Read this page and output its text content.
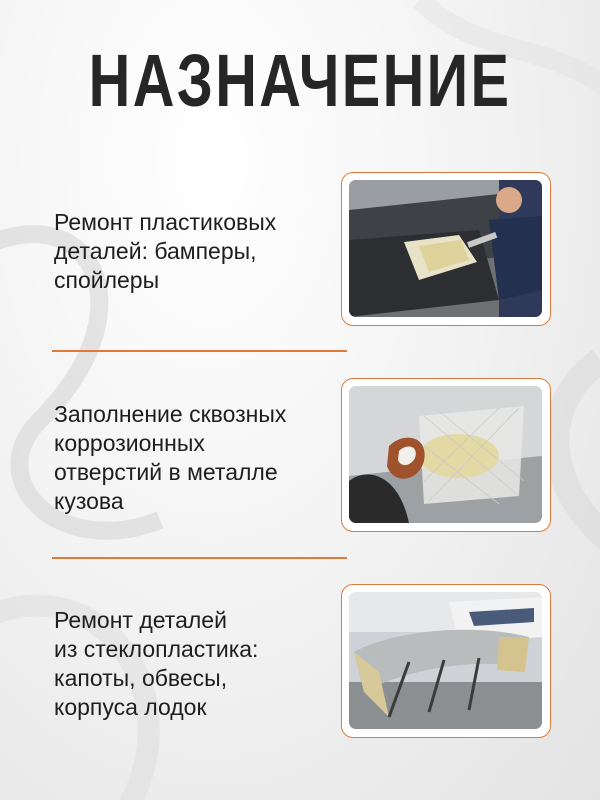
НАЗНАЧЕНИЕ
Ремонт пластиковых
деталей: бамперы,
спойлеры
Заполнение сквозных
коррозионных
отверстий в металле
кузова
Ремонт деталей
из стеклопластика:
капоты, обвесы,
корпуса лодок
